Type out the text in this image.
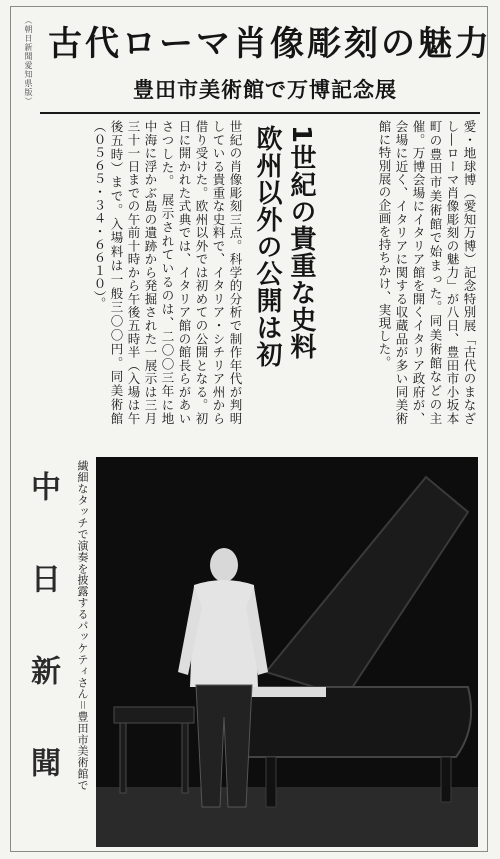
（朝日新聞愛知県版） 古代ローマ肖像彫刻の魅力
豊田市美術館で万博記念展
愛・地球博（愛知万博）記念特別展「古代のまなざし―ローマ肖像彫刻の魅力」が八日、豊田市小坂本町の豊田市美術館で始まった。同美術館などの主催。万博会場にイタリア館を開くイタリア政府が、会場に近く、イタリアに関する収蔵品が多い同美術館に特別展の企画を持ちかけ、実現した。
1世紀の貴重な史料
欧州以外の公開は初
世紀の肖像彫刻三点。科学的分析で制作年代が判明している貴重な史料で、イタリア・シチリア州から借り受けた。欧州以外では初めての公開となる。初日に開かれた式典では、イタリア館の館長らがあいさつした。 展示されているのは、二〇〇三年に地中海に浮かぶ島の遺跡から発掘された一展示は三月三十一日までの午前十時から午後五時半（入場は午後五時）まで。入場料は一般三〇〇円。同美術館（０５６５・３４・６６１０）。
繊細なタッチで演奏を披露するパッケティさん＝豊田市美術館で
中日新聞
